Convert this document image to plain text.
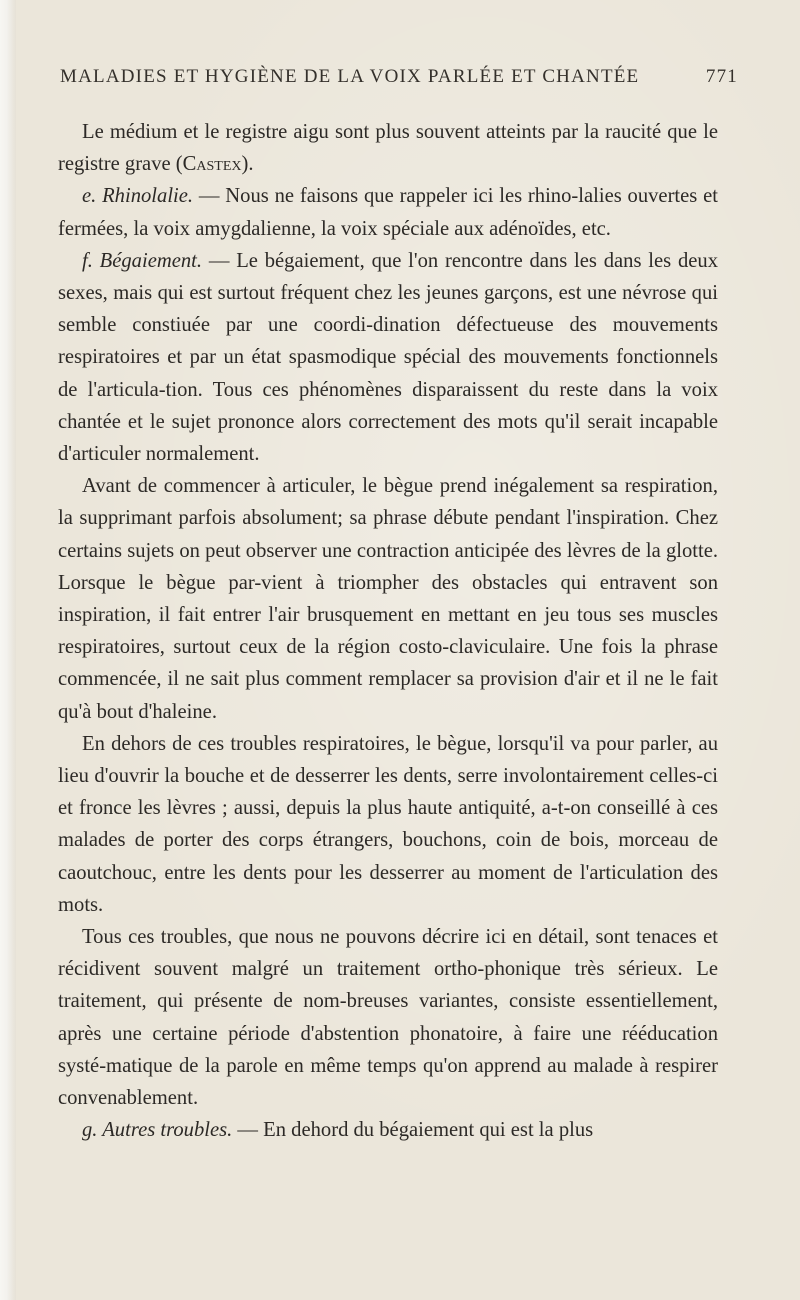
MALADIES ET HYGIÈNE DE LA VOIX PARLÉE ET CHANTÉE	771

Le médium et le registre aigu sont plus souvent atteints par la raucité que le registre grave (Castex).

e. Rhinolalie. — Nous ne faisons que rappeler ici les rhino-lalies ouvertes et fermées, la voix amygdalienne, la voix spéciale aux adénoïdes, etc.

f. Bégaiement. — Le bégaiement, que l'on rencontre dans les dans les deux sexes, mais qui est surtout fréquent chez les jeunes garçons, est une névrose qui semble constiuée par une coordi-dination défectueuse des mouvements respiratoires et par un état spasmodique spécial des mouvements fonctionnels de l'articula-tion. Tous ces phénomènes disparaissent du reste dans la voix chantée et le sujet prononce alors correctement des mots qu'il serait incapable d'articuler normalement.

Avant de commencer à articuler, le bègue prend inégalement sa respiration, la supprimant parfois absolument; sa phrase débute pendant l'inspiration. Chez certains sujets on peut observer une contraction anticipée des lèvres de la glotte. Lorsque le bègue par-vient à triompher des obstacles qui entravent son inspiration, il fait entrer l'air brusquement en mettant en jeu tous ses muscles respiratoires, surtout ceux de la région costo-claviculaire. Une fois la phrase commencée, il ne sait plus comment remplacer sa provision d'air et il ne le fait qu'à bout d'haleine.

En dehors de ces troubles respiratoires, le bègue, lorsqu'il va pour parler, au lieu d'ouvrir la bouche et de desserrer les dents, serre involontairement celles-ci et fronce les lèvres ; aussi, depuis la plus haute antiquité, a-t-on conseillé à ces malades de porter des corps étrangers, bouchons, coin de bois, morceau de caoutchouc, entre les dents pour les desserrer au moment de l'articulation des mots.

Tous ces troubles, que nous ne pouvons décrire ici en détail, sont tenaces et récidivent souvent malgré un traitement ortho-phonique très sérieux. Le traitement, qui présente de nom-breuses variantes, consiste essentiellement, après une certaine période d'abstention phonatoire, à faire une rééducation systé-matique de la parole en même temps qu'on apprend au malade à respirer convenablement.

g. Autres troubles. — En dehord du bégaiement qui est la plus
